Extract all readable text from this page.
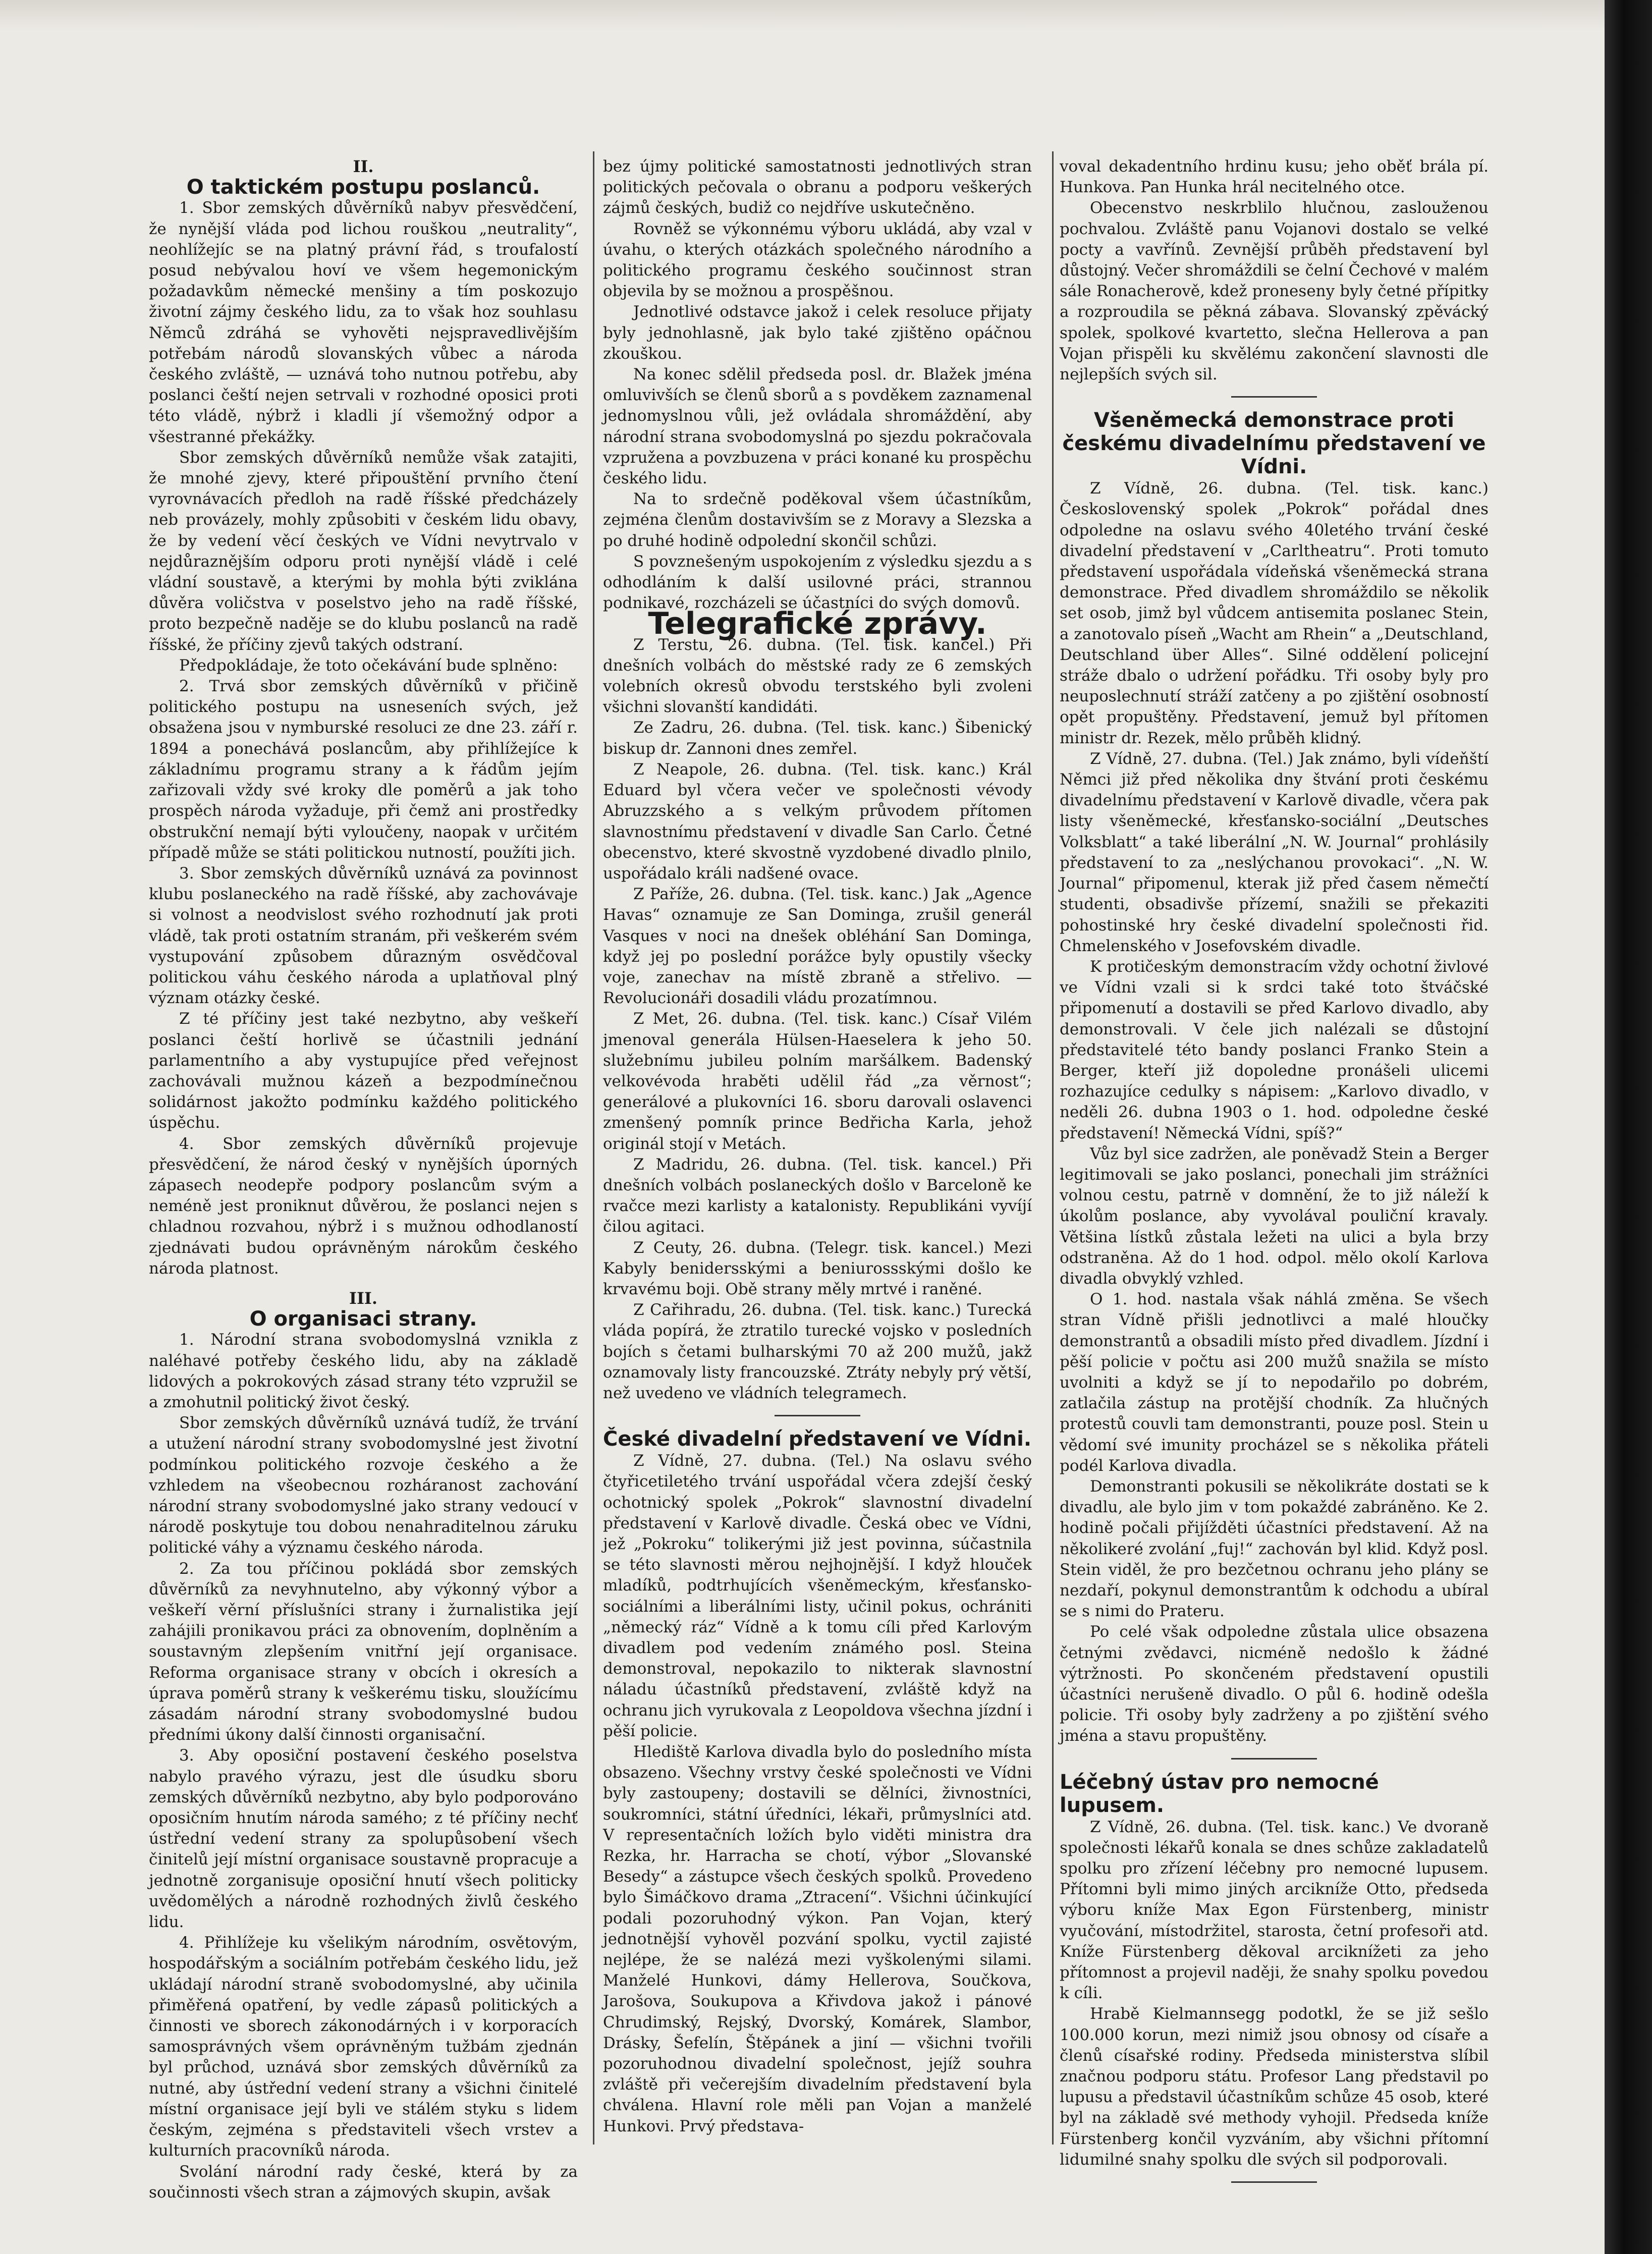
II.

O taktickém postupu poslanců.

1. Sbor zemských důvěrníků nabyv přesvědčení, že nynější vláda pod lichou rouškou „neutrality“, neohlížejíc se na platný právní řád, s troufalostí posud nebývalou hoví ve všem hegemonickým požadavkům německé menšiny a tím poskozujo životní zájmy českého lidu, za to však hoz souhlasu Němců zdráhá se vyhověti nejspravedlivějším potřebám národů slovanských vůbec a národa českého zvláště, — uznává toho nutnou potřebu, aby poslanci čeští nejen setrvali v rozhodné oposici proti této vládě, nýbrž i kladli jí všemožný odpor a všestranné překážky.

Sbor zemských důvěrníků nemůže však zatajiti, že mnohé zjevy, které připouštění prvního čtení vyrovnávacích předloh na radě říšské předcházely neb provázely, mohly způsobiti v českém lidu obavy, že by vedení věcí českých ve Vídni nevytrvalo v nejdůraznějším odporu proti nynější vládě i celé vládní soustavě, a kterými by mohla býti zviklána důvěra voličstva v poselstvo jeho na radě říšské, proto bezpečně naděje se do klubu poslanců na radě říšské, že příčiny zjevů takých odstraní.

Předpokládaje, že toto očekávání bude splněno:

2. Trvá sbor zemských důvěrníků v přičině politického postupu na usneseních svých, jež obsažena jsou v nymburské resoluci ze dne 23. září r. 1894 a ponechává poslancům, aby přihlížejíce k základnímu programu strany a k řádům jejím zařizovali vždy své kroky dle poměrů a jak toho prospěch národa vyžaduje, při čemž ani prostředky obstrukční nemají býti vyloučeny, naopak v určitém případě může se státi politickou nutností, použíti jich.

3. Sbor zemských důvěrníků uznává za povinnost klubu poslaneckého na radě říšské, aby zachovávaje si volnost a neodvislost svého rozhodnutí jak proti vládě, tak proti ostatním stranám, při veškerém svém vystupování způsobem důrazným osvědčoval politickou váhu českého národa a uplatňoval plný význam otázky české.

Z té příčiny jest také nezbytno, aby veškeří poslanci čeští horlivě se účastnili jednání parlamentního a aby vystupujíce před veřejnost zachovávali mužnou kázeň a bezpodmínečnou solidárnost jakožto podmínku každého politického úspěchu.

4. Sbor zemských důvěrníků projevuje přesvědčení, že národ český v nynějších úporných zápasech neodepře podpory poslancům svým a neméně jest proniknut důvěrou, že poslanci nejen s chladnou rozvahou, nýbrž i s mužnou odhodlaností zjednávati budou oprávněným nárokům českého národa platnost.

III.

O organisaci strany.

1. Národní strana svobodomyslná vznikla z naléhavé potřeby českého lidu, aby na základě lidových a pokrokových zásad strany této vzpružil se a zmohutnil politický život český.

Sbor zemských důvěrníků uznává tudíž, že trvání a utužení národní strany svobodomyslné jest životní podmínkou politického rozvoje českého a že vzhledem na všeobecnou rozháranost zachování národní strany svobodomyslné jako strany vedoucí v národě poskytuje tou dobou nenahraditelnou záruku politické váhy a významu českého národa.

2. Za tou příčinou pokládá sbor zemských důvěrníků za nevyhnutelno, aby výkonný výbor a veškeří věrní příslušníci strany i žurnalistika její zahájili pronikavou práci za obnovením, doplněním a soustavným zlepšením vnitřní její organisace. Reforma organisace strany v obcích i okresích a úprava poměrů strany k veškerému tisku, sloužícímu zásadám národní strany svobodomyslné budou předními úkony další činnosti organisační.

3. Aby oposiční postavení českého poselstva nabylo pravého výrazu, jest dle úsudku sboru zemských důvěrníků nezbytno, aby bylo podporováno oposičním hnutím národa samého; z té příčiny nechť ústřední vedení strany za spolupůsobení všech činitelů její místní organisace soustavně propracuje a jednotně zorganisuje oposiční hnutí všech politicky uvědomělých a národně rozhodných živlů českého lidu.

4. Přihlížeje ku všelikým národním, osvětovým, hospodářským a sociálním potřebám českého lidu, jež ukládají národní straně svobodomyslné, aby učinila přiměřená opatření, by vedle zápasů politických a činnosti ve sborech zákonodárných i v korporacích samosprávných všem oprávněným tužbám zjednán byl průchod, uznává sbor zemských důvěrníků za nutné, aby ústřední vedení strany a všichni činitelé místní organisace její byli ve stálém styku s lidem českým, zejména s představiteli všech vrstev a kulturních pracovníků národa.

Svolání národní rady české, která by za součinnosti všech stran a zájmových skupin, avšak

bez újmy politické samostatnosti jednotlivých stran politických pečovala o obranu a podporu veškerých zájmů českých, budiž co nejdříve uskutečněno.

Rovněž se výkonnému výboru ukládá, aby vzal v úvahu, o kterých otázkách společného národního a politického programu českého součinnost stran objevila by se možnou a prospěšnou.

Jednotlivé odstavce jakož i celek resoluce přijaty byly jednohlasně, jak bylo také zjištěno opáčnou zkouškou.

Na konec sdělil předseda posl. dr. Blažek jména omluvivších se členů sborů a s povděkem zaznamenal jednomyslnou vůli, jež ovládala shromáždění, aby národní strana svobodomyslná po sjezdu pokračovala vzpružena a povzbuzena v práci konané ku prospěchu českého lidu.

Na to srdečně poděkoval všem účastníkům, zejména členům dostavivším se z Moravy a Slezska a po druhé hodině odpolední skončil schůzi.

S povznešeným uspokojením z výsledku sjezdu a s odhodláním k další usilovné práci, strannou podnikavé, rozcházeli se účastníci do svých domovů.

Telegrafické zprávy.

Z Terstu, 26. dubna. (Tel. tisk. kancel.) Při dnešních volbách do městské rady ze 6 zemských volebních okresů obvodu terstského byli zvoleni všichni slovanští kandidáti.

Ze Zadru, 26. dubna. (Tel. tisk. kanc.) Šibenický biskup dr. Zannoni dnes zemřel.

Z Neapole, 26. dubna. (Tel. tisk. kanc.) Král Eduard byl včera večer ve společnosti vévody Abruzzského a s velkým průvodem přítomen slavnostnímu představení v divadle San Carlo. Četné obecenstvo, které skvostně vyzdobené divadlo plnilo, uspořádalo králi nadšené ovace.

Z Paříže, 26. dubna. (Tel. tisk. kanc.) Jak „Agence Havas“ oznamuje ze San Dominga, zrušil generál Vasques v noci na dnešek obléhání San Dominga, když jej po poslední porážce byly opustily všecky voje, zanechav na místě zbraně a střelivo. — Revolucionáři dosadili vládu prozatímnou.

Z Met, 26. dubna. (Tel. tisk. kanc.) Císař Vilém jmenoval generála Hülsen-Haeselera k jeho 50. služebnímu jubileu polním maršálkem. Badenský velkovévoda hraběti udělil řád „za věrnost“; generálové a plukovníci 16. sboru darovali oslavenci zmenšený pomník prince Bedřicha Karla, jehož originál stojí v Metách.

Z Madridu, 26. dubna. (Tel. tisk. kancel.) Při dnešních volbách poslaneckých došlo v Barceloně ke rvačce mezi karlisty a katalonisty. Republikáni vyvíjí čilou agitaci.

Z Ceuty, 26. dubna. (Telegr. tisk. kancel.) Mezi Kabyly benidersskými a beniurossskými došlo ke krvavému boji. Obě strany měly mrtvé i raněné.

Z Cařihradu, 26. dubna. (Tel. tisk. kanc.) Turecká vláda popírá, že ztratilo turecké vojsko v posledních bojích s četami bulharskými 70 až 200 mužů, jakž oznamovaly listy francouzské. Ztráty nebyly prý větší, než uvedeno ve vládních telegramech.

České divadelní představení ve Vídni.

Z Vídně, 27. dubna. (Tel.) Na oslavu svého čtyřicetiletého trvání uspořádal včera zdejší český ochotnický spolek „Pokrok“ slavnostní divadelní představení v Karlově divadle. Česká obec ve Vídni, jež „Pokroku“ tolikerými již jest povinna, súčastnila se této slavnosti měrou nejhojnější. I když hlouček mladíků, podtrhujících všeněmeckým, křesťansko-sociálními a liberálními listy, učinil pokus, ochrániti „německý ráz“ Vídně a k tomu cíli před Karlovým divadlem pod vedením známého posl. Steina demonstroval, nepokazilo to nikterak slavnostní náladu účastníků představení, zvláště když na ochranu jich vyrukovala z Leopoldova všechna jízdní i pěší policie.

Hlediště Karlova divadla bylo do posledního místa obsazeno. Všechny vrstvy české společnosti ve Vídni byly zastoupeny; dostavili se dělníci, živnostníci, soukromníci, státní úředníci, lékaři, průmyslníci atd. V representačních ložích bylo viděti ministra dra Rezka, hr. Harracha se chotí, výbor „Slovanské Besedy“ a zástupce všech českých spolků. Provedeno bylo Šimáčkovo drama „Ztracení“. Všichni účinkující podali pozoruhodný výkon. Pan Vojan, který jednotnější vyhověl pozvání spolku, vyctil zajisté nejlépe, že se nalézá mezi vyškolenými silami. Manželé Hunkovi, dámy Hellerova, Součkova, Jarošova, Soukupova a Křivdova jakož i pánové Chrudimský, Rejský, Dvorský, Komárek, Slambor, Drásky, Šefelín, Štěpánek a jiní — všichni tvořili pozoruhodnou divadelní společnost, jejíž souhra zvláště při večerejším divadelním představení byla chválena. Hlavní role měli pan Vojan a manželé Hunkovi. Prvý představa-

voval dekadentního hrdinu kusu; jeho oběť brála pí. Hunkova. Pan Hunka hrál necitelného otce.

Obecenstvo neskrblilo hlučnou, zaslouženou pochvalou. Zvláště panu Vojanovi dostalo se velké pocty a vavřínů. Zevnější průběh představení byl důstojný. Večer shromáždili se čelní Čechové v malém sále Ronacherově, kdež proneseny byly četné přípitky a rozproudila se pěkná zábava. Slovanský zpěvácký spolek, spolkové kvartetto, slečna Hellerova a pan Vojan přispěli ku skvělému zakončení slavnosti dle nejlepších svých sil.

Všeněmecká demonstrace proti českému divadelnímu představení ve Vídni.

Z Vídně, 26. dubna. (Tel. tisk. kanc.) Československý spolek „Pokrok“ pořádal dnes odpoledne na oslavu svého 40letého trvání české divadelní představení v „Carltheatru“. Proti tomuto představení uspořádala vídeňská všeněmecká strana demonstrace. Před divadlem shromáždilo se několik set osob, jimž byl vůdcem antisemita poslanec Stein, a zanotovalo píseň „Wacht am Rhein“ a „Deutschland, Deutschland über Alles“. Silné oddělení policejní stráže dbalo o udržení pořádku. Tři osoby byly pro neuposlechnutí stráží zatčeny a po zjištění osobností opět propuštěny. Představení, jemuž byl přítomen ministr dr. Rezek, mělo průběh klidný.

Z Vídně, 27. dubna. (Tel.) Jak známo, byli vídeňští Němci již před několika dny štvání proti českému divadelnímu představení v Karlově divadle, včera pak listy všeněmecké, křesťansko-sociální „Deutsches Volksblatt“ a také liberální „N. W. Journal“ prohlásily představení to za „neslýchanou provokaci“. „N. W. Journal“ připomenul, kterak již před časem němečtí studenti, obsadivše přízemí, snažili se překaziti pohostinské hry české divadelní společnosti řid. Chmelenského v Josefovském divadle.

K protičeským demonstracím vždy ochotní živlové ve Vídni vzali si k srdci také toto štváčské připomenutí a dostavili se před Karlovo divadlo, aby demonstrovali. V čele jich nalézali se důstojní představitelé této bandy poslanci Franko Stein a Berger, kteří již dopoledne pronášeli ulicemi rozhazujíce cedulky s nápisem: „Karlovo divadlo, v neděli 26. dubna 1903 o 1. hod. odpoledne české představení! Německá Vídni, spíš?“

Vůz byl sice zadržen, ale poněvadž Stein a Berger legitimovali se jako poslanci, ponechali jim strážníci volnou cestu, patrně v domnění, že to již náleží k úkolům poslance, aby vyvolával pouliční kravaly. Většina lístků zůstala ležeti na ulici a byla brzy odstraněna. Až do 1 hod. odpol. mělo okolí Karlova divadla obvyklý vzhled.

O 1. hod. nastala však náhlá změna. Se všech stran Vídně přišli jednotlivci a malé hloučky demonstrantů a obsadili místo před divadlem. Jízdní i pěší policie v počtu asi 200 mužů snažila se místo uvolniti a když se jí to nepodařilo po dobrém, zatlačila zástup na protější chodník. Za hlučných protestů couvli tam demonstranti, pouze posl. Stein u vědomí své imunity procházel se s několika přáteli podél Karlova divadla.

Demonstranti pokusili se několikráte dostati se k divadlu, ale bylo jim v tom pokaždé zabráněno. Ke 2. hodině počali přijížděti účastníci představení. Až na několikeré zvolání „fuj!“ zachován byl klid. Když posl. Stein viděl, že pro bezčetnou ochranu jeho plány se nezdaří, pokynul demonstrantům k odchodu a ubíral se s nimi do Prateru.

Po celé však odpoledne zůstala ulice obsazena četnými zvědavci, nicméně nedošlo k žádné výtržnosti. Po skončeném představení opustili účastníci nerušeně divadlo. O půl 6. hodině odešla policie. Tři osoby byly zadrženy a po zjištění svého jména a stavu propuštěny.

Léčebný ústav pro nemocné lupusem.

Z Vídně, 26. dubna. (Tel. tisk. kanc.) Ve dvoraně společnosti lékařů konala se dnes schůze zakladatelů spolku pro zřízení léčebny pro nemocné lupusem. Přítomni byli mimo jiných arcikníže Otto, předseda výboru kníže Max Egon Fürstenberg, ministr vyučování, místodržitel, starosta, četní profesoři atd. Kníže Fürstenberg děkoval arciknížeti za jeho přítomnost a projevil naději, že snahy spolku povedou k cíli.

Hrabě Kielmannsegg podotkl, že se již sešlo 100.000 korun, mezi nimiž jsou obnosy od císaře a členů císařské rodiny. Předseda ministerstva slíbil značnou podporu státu. Profesor Lang představil po lupusu a představil účastníkům schůze 45 osob, které byl na základě své methody vyhojil. Předseda kníže Fürstenberg končil vyzváním, aby všichni přítomní lidumilné snahy spolku dle svých sil podporovali.
